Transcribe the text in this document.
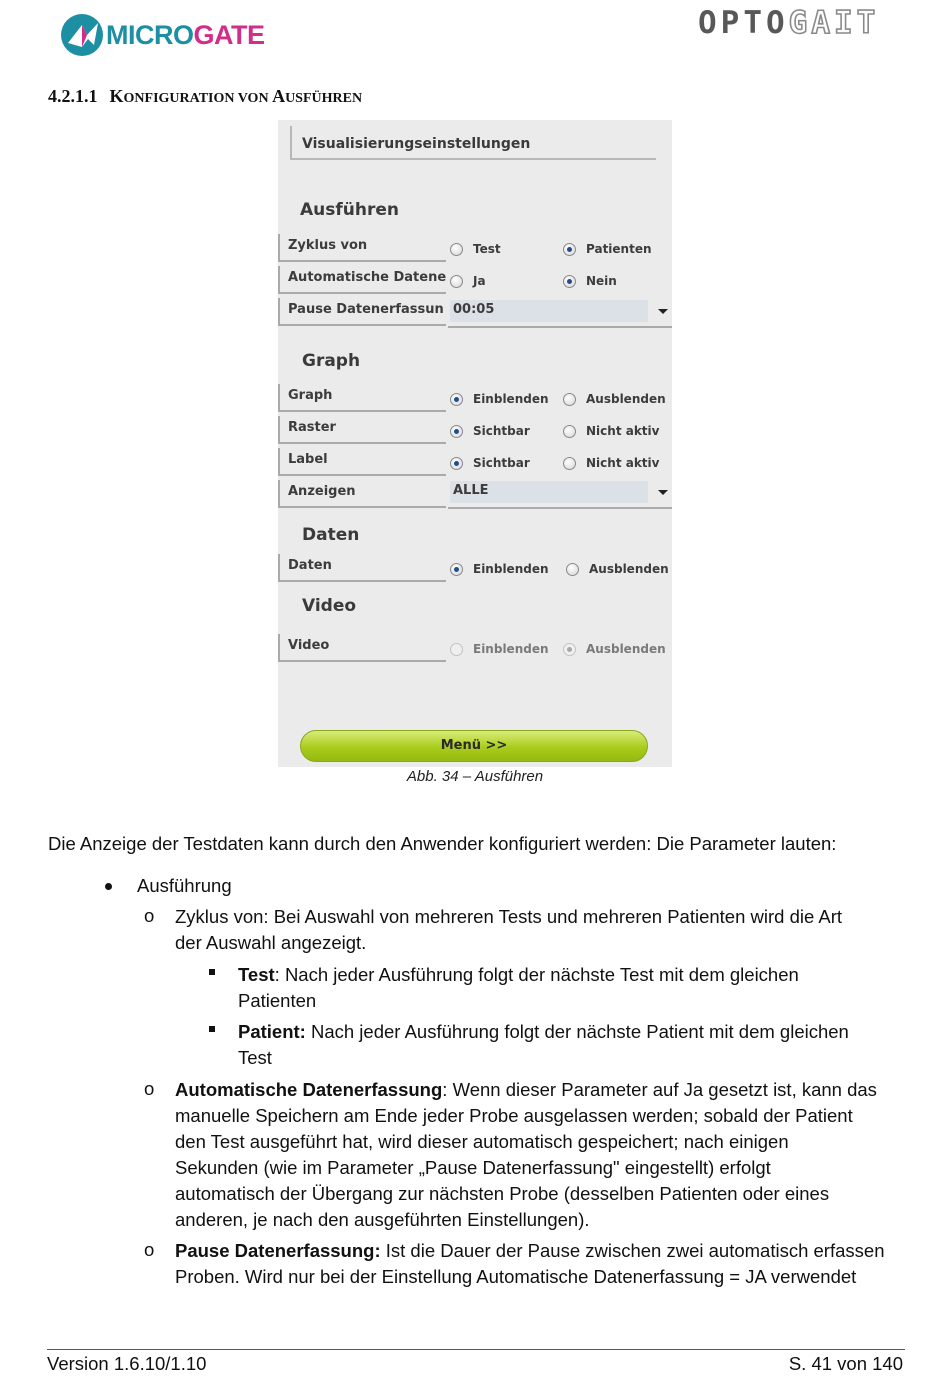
MICROGATE	OPTO GAIT
4.2.1.1 KONFIGURATION VON AUSFÜHREN
Visualisierungseinstellungen
Ausführen
Zyklus von	Test	Patienten
Automatische Datene Ja	Nein
Pause Datenerfassun 00:05
Graph
Graph	Einblenden	Ausblenden
Raster	Sichtbar	Nicht aktiv
Label	Sichtbar	Nicht aktiv
Anzeigen	ALLE
Daten
Daten	Einblenden	Ausblenden
Video
Video	Einblenden	Ausblenden
Menü >>
Abb. 34 – Ausführen
Die Anzeige der Testdaten kann durch den Anwender konfiguriert werden: Die Parameter lauten:
Ausführung
o Zyklus von: Bei Auswahl von mehreren Tests und mehreren Patienten wird die Art
der Auswahl angezeigt.
Test: Nach jeder Ausführung folgt der nächste Test mit dem gleichen
Patienten
Patient: Nach jeder Ausführung folgt der nächste Patient mit dem gleichen
Test
o Automatische Datenerfassung: Wenn dieser Parameter auf Ja gesetzt ist, kann das
manuelle Speichern am Ende jeder Probe ausgelassen werden; sobald der Patient
den Test ausgeführt hat, wird dieser automatisch gespeichert; nach einigen
Sekunden (wie im Parameter „Pause Datenerfassung" eingestellt) erfolgt
automatisch der Übergang zur nächsten Probe (desselben Patienten oder eines
anderen, je nach den ausgeführten Einstellungen).
o Pause Datenerfassung: Ist die Dauer der Pause zwischen zwei automatisch erfassen
Proben. Wird nur bei der Einstellung Automatische Datenerfassung = JA verwendet
Version 1.6.10/1.10	S. 41 von 140
